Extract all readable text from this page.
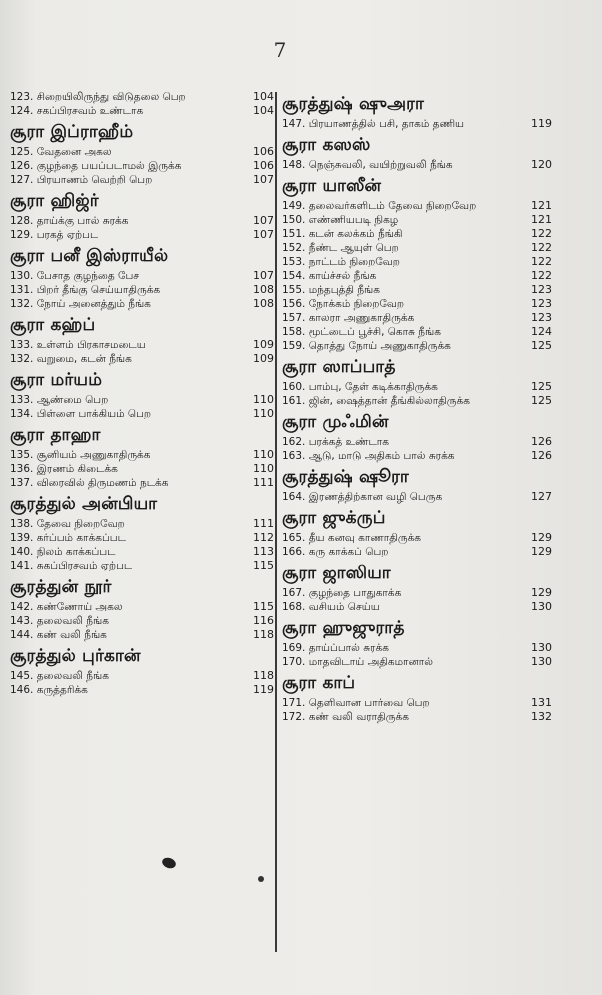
7
123. சிறையிலிருந்து விடுதலை பெற	104
124. சகப்பிரசவம் உண்டாக	104
சூரா இப்ராஹீம்
125. வேதனை அகல	106
126. குழந்தை பயப்படாமல் இருக்க	106
127. பிரயாணம் வெற்றி பெற	107
சூரா ஹிஜ்ர்
128. தாய்க்கு பால் சுரக்க	107
129. பரகத் ஏற்பட	107
சூரா பனீ இஸ்ராயீல்
130. பேசாத குழந்தை பேச	107
131. பிறர் தீங்கு செய்யாதிருக்க	108
132. நோய் அனைத்தும் நீங்க	108
சூரா கஹ்ப்
133. உள்ளம் பிரகாசமடைய	109
132. வறுமை, கடன் நீங்க	109
சூரா மர்யம்
133. ஆண்மை பெற	110
134. பிள்ளை பாக்கியம் பெற	110
சூரா தாஹா
135. சூனியம் அணுகாதிருக்க	110
136. இரணம் கிடைக்க	110
137. விரைவில் திருமணம் நடக்க	111
சூரத்துல் அன்பியா
138. தேவை நிறைவேற	111
139. கர்ப்பம் காக்கப்பட	112
140. நிலம் காக்கப்பட	113
141. சுகப்பிரசவம் ஏற்பட	115
சூரத்துன் நூர்
142. கண்ணோய் அகல	115
143. தலைவலி நீங்க	116
144. கண் வலி நீங்க	118
சூரத்துல் புர்கான்
145. தலைவலி நீங்க	118
146. கருத்தரிக்க	119
சூரத்துஷ் ஷுஅரா
147. பிரயாணத்தில் பசி, தாகம் தணிய	119
சூரா கஸஸ்
148. நெஞ்சுவலி, வயிற்றுவலி நீங்க	120
சூரா யாஸீன்
149. தலைவர்களிடம் தேவை நிறைவேற	121
150. எண்ணியபடி நிகழ	121
151. கடன் கலக்கம் நீங்கி	122
152. நீண்ட ஆயுள் பெற	122
153. நாட்டம் நிறைவேற	122
154. காய்ச்சல் நீங்க	122
155. மந்தபுத்தி நீங்க	123
156. நோக்கம் நிறைவேற	123
157. காலரா அணுகாதிருக்க	123
158. மூட்டைப் பூச்சி, கொசு நீங்க	124
159. தொத்து நோய் அணுகாதிருக்க	125
சூரா ஸாப்பாத்
160. பாம்பு, தேள் கடிக்காதிருக்க	125
161. ஜின், ஷைத்தான் தீங்கில்லாதிருக்க	125
சூரா முஃமின்
162. பரக்கத் உண்டாக	126
163. ஆடு, மாடு அதிகம் பால் சுரக்க	126
சூரத்துஷ் ஷூரா
164. இரணத்திற்கான வழி பெருக	127
சூரா ஜுக்ருப்
165. தீய கனவு காணாதிருக்க	129
166. கரு காக்கப் பெற	129
சூரா ஜாஸியா
167. குழந்தை பாதுகாக்க	129
168. வசியம் செய்ய	130
சூரா ஹுஜுராத்
169. தாய்ப்பால் சுரக்க	130
170. மாதவிடாய் அதிகமானால்	130
சூரா காப்
171. தெளிவான பார்வை பெற	131
172. கண் வலி வராதிருக்க	132
